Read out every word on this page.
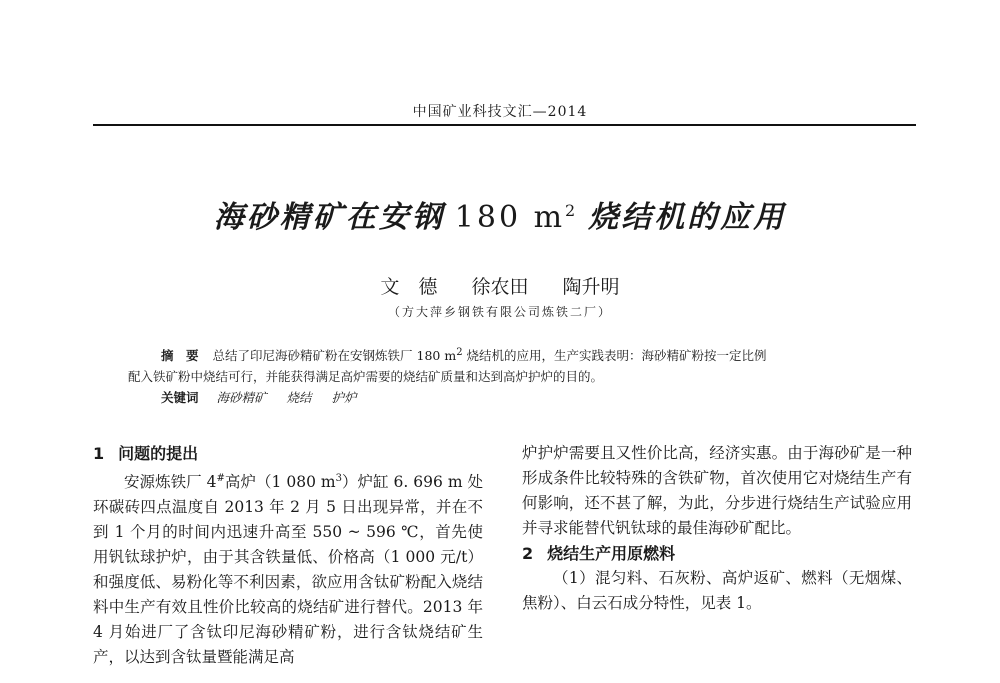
中国矿业科技文汇—2014
海砂精矿在安钢 180 $m^2$ 烧结机的应用
文　德 徐农田 陶升明
（方大萍乡钢铁有限公司炼铁二厂）
摘　要 总结了印尼海砂精矿粉在安钢炼铁厂 180 $m^2$ 烧结机的应用，生产实践表明：海砂精矿粉按一定比例
配入铁矿粉中烧结可行，并能获得满足高炉需要的烧结矿质量和达到高炉护炉的目的。
关键词 海砂精矿 烧结 护炉

1 问题的提出

安源炼铁厂 4#高炉（1 080 $m^3$）炉缸 6. 696 m 处环碳砖四点温度自 2013 年 2 月 5 日出现异常，并在不到 1 个月的时间内迅速升高至 550 ~ 596 ℃，首先使用钒钛球护炉，由于其含铁量低、价格高（1 000 元/t）和强度低、易粉化等不利因素，欲应用含钛矿粉配入烧结料中生产有效且性价比较高的烧结矿进行替代。2013 年 4 月始进厂了含钛印尼海砂精矿粉，进行含钛烧结矿生产，以达到含钛量暨能满足高

炉护炉需要且又性价比高，经济实惠。由于海砂矿是一种形成条件比较特殊的含铁矿物，首次使用它对烧结生产有何影响，还不甚了解，为此，分步进行烧结生产试验应用并寻求能替代钒钛球的最佳海砂矿配比。

2 烧结生产用原燃料

（1）混匀料、石灰粉、高炉返矿、燃料（无烟煤、焦粉）、白云石成分特性，见表 1。
